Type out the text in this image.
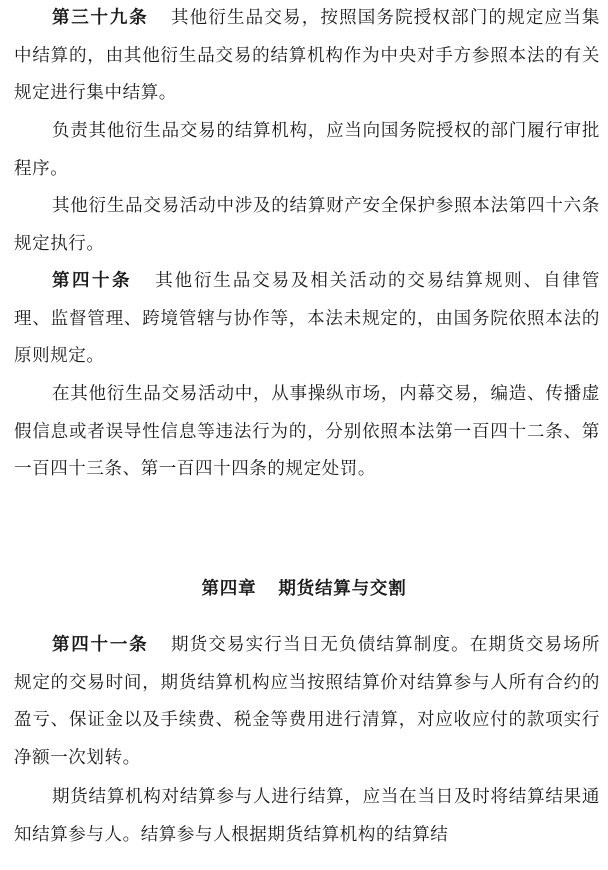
第三十九条 其他衍生品交易，按照国务院授权部门的规定应当集中结算的，由其他衍生品交易的结算机构作为中央对手方参照本法的有关规定进行集中结算。

负责其他衍生品交易的结算机构，应当向国务院授权的部门履行审批程序。

其他衍生品交易活动中涉及的结算财产安全保护参照本法第四十六条规定执行。

第四十条 其他衍生品交易及相关活动的交易结算规则、自律管理、监督管理、跨境管辖与协作等，本法未规定的，由国务院依照本法的原则规定。

在其他衍生品交易活动中，从事操纵市场，内幕交易，编造、传播虚假信息或者误导性信息等违法行为的，分别依照本法第一百四十二条、第一百四十三条、第一百四十四条的规定处罚。

第四章 期货结算与交割

第四十一条 期货交易实行当日无负债结算制度。在期货交易场所规定的交易时间，期货结算机构应当按照结算价对结算参与人所有合约的盈亏、保证金以及手续费、税金等费用进行清算，对应收应付的款项实行净额一次划转。

期货结算机构对结算参与人进行结算，应当在当日及时将结算结果通知结算参与人。结算参与人根据期货结算机构的结算结
